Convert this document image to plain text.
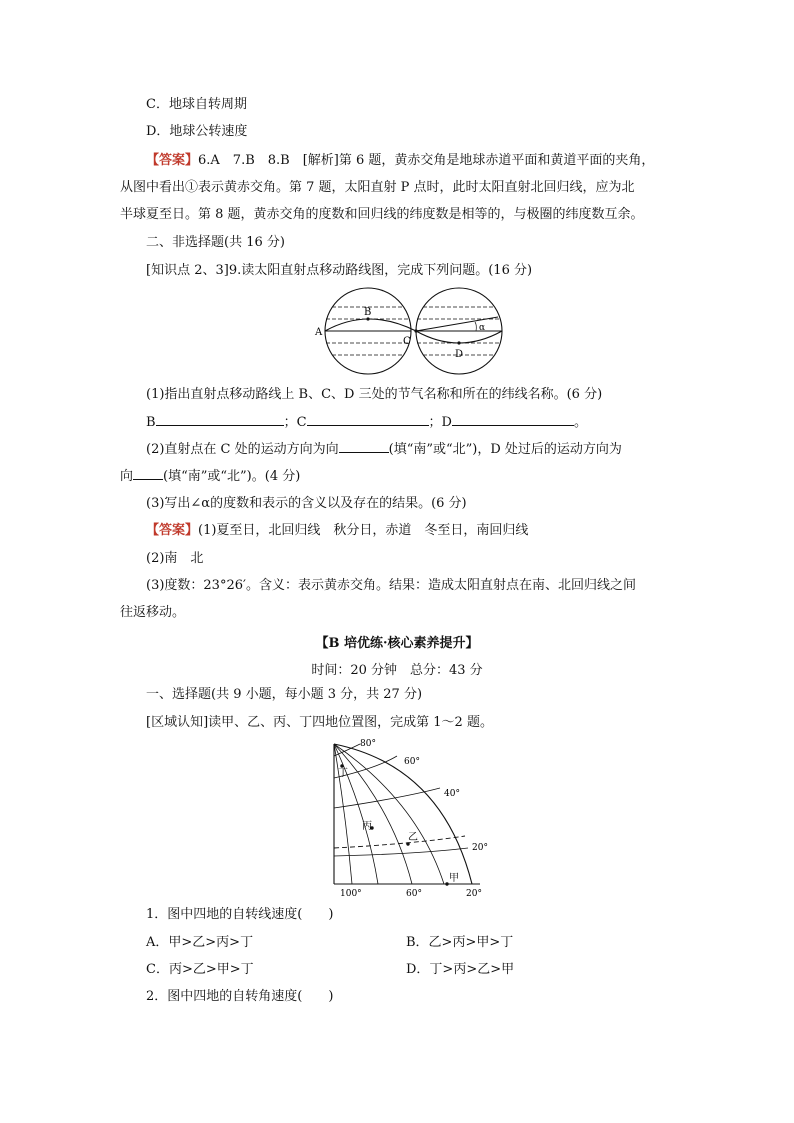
C．地球自转周期
D．地球公转速度
【答案】6.A　7.B　8.B　[解析]第 6 题，黄赤交角是地球赤道平面和黄道平面的夹角，
从图中看出①表示黄赤交角。第 7 题，太阳直射 P 点时，此时太阳直射北回归线，应为北
半球夏至日。第 8 题，黄赤交角的度数和回归线的纬度数是相等的，与极圈的纬度数互余。
二、非选择题(共 16 分)
[知识点 2、3]9.读太阳直射点移动路线图，完成下列问题。(16 分)
A
B
C
D
α
(1)指出直射点移动路线上 B、C、D 三处的节气名称和所在的纬线名称。(6 分)
B	；C	；D	。
(2)直射点在 C 处的运动方向为向	(填“南”或“北”)，D 处过后的运动方向为
向 (填“南”或“北”)。(4 分)
(3)写出∠α的度数和表示的含义以及存在的结果。(6 分)
【答案】(1)夏至日，北回归线　秋分日，赤道　冬至日，南回归线
(2)南　北
(3)度数：23°26′。含义：表示黄赤交角。结果：造成太阳直射点在南、北回归线之间
往返移动。
【B 培优练·核心素养提升】
时间：20 分钟　总分：43 分
一、选择题(共 9 小题，每小题 3 分，共 27 分)
[区域认知]读甲、乙、丙、丁四地位置图，完成第 1～2 题。
80°
60°
40°
20°
100°	60°	20°
丁
丙
乙
甲
1．图中四地的自转线速度(　　)
A．甲>乙>丙>丁	B．乙>丙>甲>丁
C．丙>乙>甲>丁	D．丁>丙>乙>甲
2．图中四地的自转角速度(　　)
